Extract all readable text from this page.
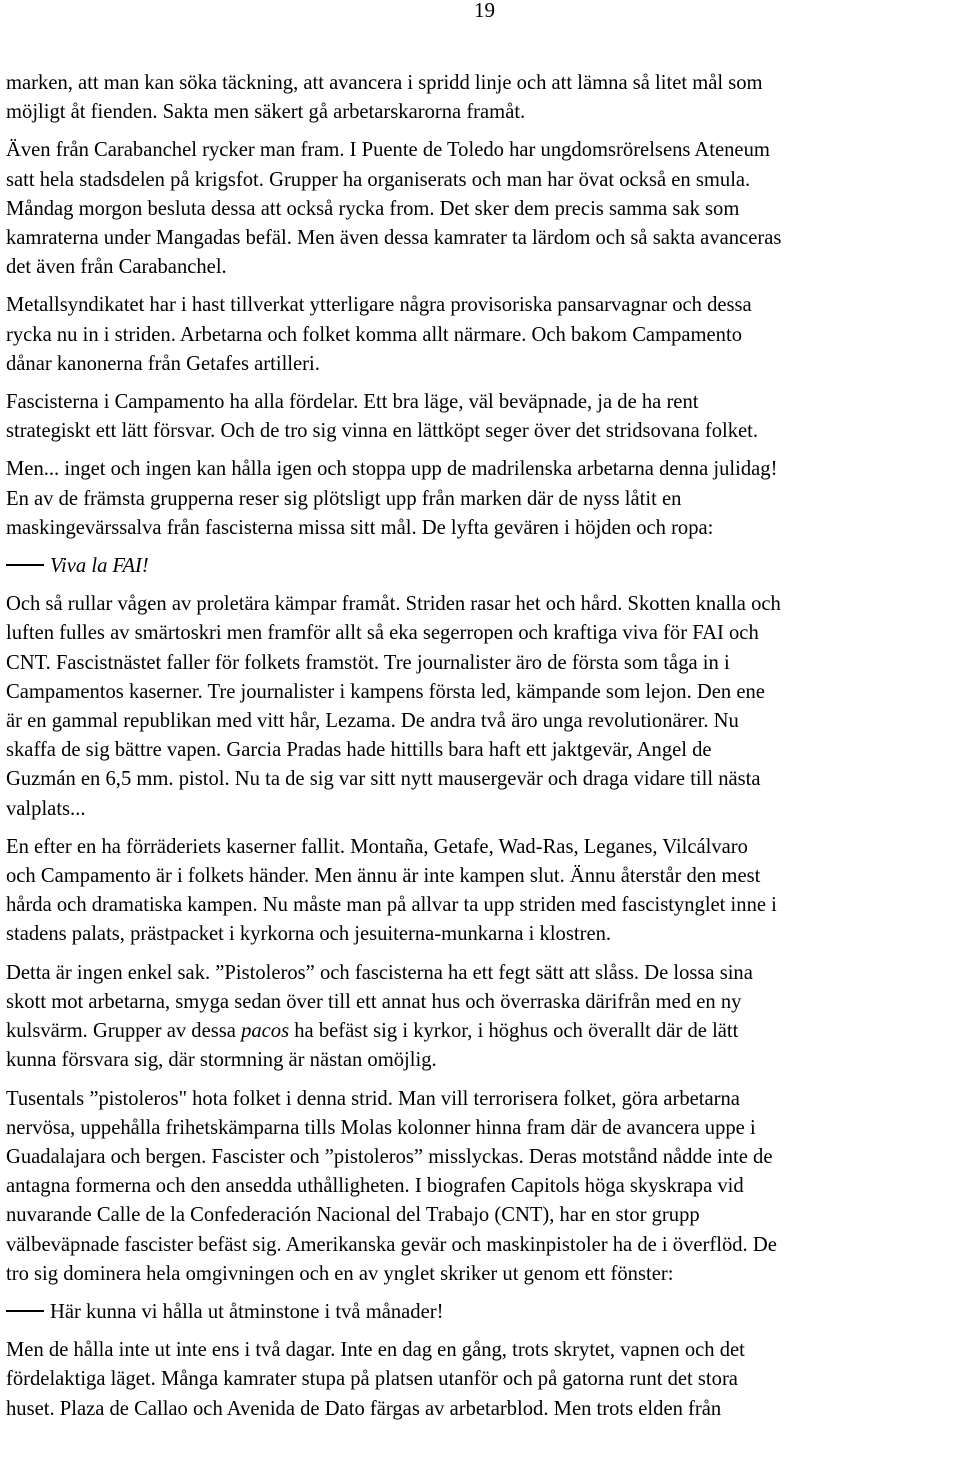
19

marken, att man kan söka täckning, att avancera i spridd linje och att lämna så litet mål som
möjligt åt fienden. Sakta men säkert gå arbetarskarorna framåt.

Även från Carabanchel rycker man fram. I Puente de Toledo har ungdomsrörelsens Ateneum
satt hela stadsdelen på krigsfot. Grupper ha organiserats och man har övat också en smula.
Måndag morgon besluta dessa att också rycka from. Det sker dem precis samma sak som
kamraterna under Mangadas befäl. Men även dessa kamrater ta lärdom och så sakta avanceras
det även från Carabanchel.

Metallsyndikatet har i hast tillverkat ytterligare några provisoriska pansarvagnar och dessa
rycka nu in i striden. Arbetarna och folket komma allt närmare. Och bakom Campamento
dånar kanonerna från Getafes artilleri.

Fascisterna i Campamento ha alla fördelar. Ett bra läge, väl beväpnade, ja de ha rent
strategiskt ett lätt försvar. Och de tro sig vinna en lättköpt seger över det stridsovana folket.

Men... inget och ingen kan hålla igen och stoppa upp de madrilenska arbetarna denna julidag!
En av de främsta grupperna reser sig plötsligt upp från marken där de nyss låtit en
maskingevärssalva från fascisterna missa sitt mål. De lyfta gevären i höjden och ropa:

Viva la FAI!

Och så rullar vågen av proletära kämpar framåt. Striden rasar het och hård. Skotten knalla och
luften fulles av smärtoskri men framför allt så eka segerropen och kraftiga viva för FAI och
CNT. Fascistnästet faller för folkets framstöt. Tre journalister äro de första som tåga in i
Campamentos kaserner. Tre journalister i kampens första led, kämpande som lejon. Den ene
är en gammal republikan med vitt hår, Lezama. De andra två äro unga revolutionärer. Nu
skaffa de sig bättre vapen. Garcia Pradas hade hittills bara haft ett jaktgevär, Angel de
Guzmán en 6,5 mm. pistol. Nu ta de sig var sitt nytt mausergevär och draga vidare till nästa
valplats...

En efter en ha förräderiets kaserner fallit. Montaña, Getafe, Wad-Ras, Leganes, Vilcálvaro
och Campamento är i folkets händer. Men ännu är inte kampen slut. Ännu återstår den mest
hårda och dramatiska kampen. Nu måste man på allvar ta upp striden med fascistynglet inne i
stadens palats, prästpacket i kyrkorna och jesuiterna-munkarna i klostren.

Detta är ingen enkel sak. ”Pistoleros” och fascisterna ha ett fegt sätt att slåss. De lossa sina
skott mot arbetarna, smyga sedan över till ett annat hus och överraska därifrån med en ny
kulsvärm. Grupper av dessa pacos ha befäst sig i kyrkor, i höghus och överallt där de lätt
kunna försvara sig, där stormning är nästan omöjlig.

Tusentals ”pistoleros" hota folket i denna strid. Man vill terrorisera folket, göra arbetarna
nervösa, uppehålla frihetskämparna tills Molas kolonner hinna fram där de avancera uppe i
Guadalajara och bergen. Fascister och ”pistoleros” misslyckas. Deras motstånd nådde inte de
antagna formerna och den ansedda uthålligheten. I biografen Capitols höga skyskrapa vid
nuvarande Calle de la Confederación Nacional del Trabajo (CNT), har en stor grupp
välbeväpnade fascister befäst sig. Amerikanska gevär och maskinpistoler ha de i överflöd. De
tro sig dominera hela omgivningen och en av ynglet skriker ut genom ett fönster:

Här kunna vi hålla ut åtminstone i två månader!

Men de hålla inte ut inte ens i två dagar. Inte en dag en gång, trots skrytet, vapnen och det
fördelaktiga läget. Många kamrater stupa på platsen utanför och på gatorna runt det stora
huset. Plaza de Callao och Avenida de Dato färgas av arbetarblod. Men trots elden från
